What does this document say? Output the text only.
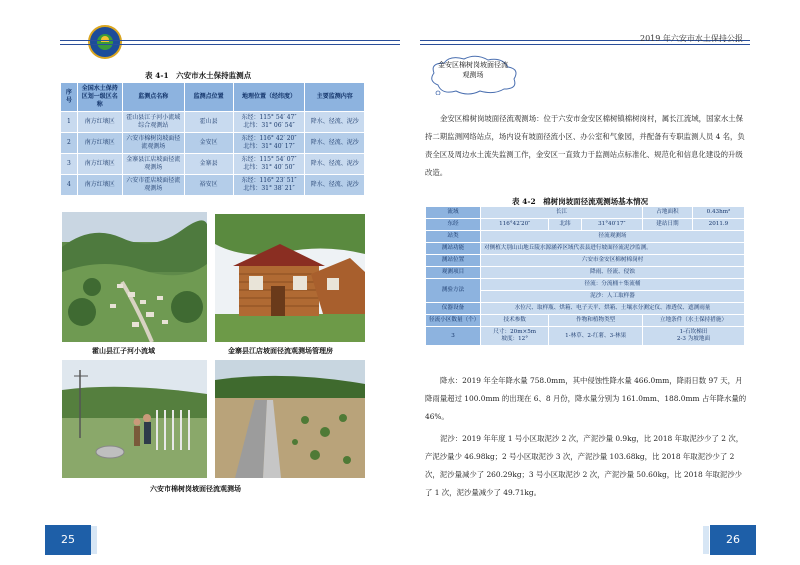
2019 年六安市水土保持公报
表 4-1　六安市水土保持监测点
序号	全国水土保持区划一级区名称	监测点名称	监测点位置	地理位置（经纬度）	主要监测内容
1	南方红壤区	霍山县江子河小流域综合观测站	霍山县	东经：115° 54′ 47″
北纬：31° 06′ 54″	降水、径流、泥沙
2	南方红壤区	六安市棉树岗坡面径流观测场	金安区	东经：116° 42′ 20″
北纬：31° 40′ 17″	降水、径流、泥沙
3	南方红壤区	金寨县江店坡面径流观测场	金寨县	东经：115° 54′ 07″
北纬：31° 40′ 50″	降水、径流、泥沙
4	南方红壤区	六安市霍店坡面径流观测场	裕安区	东经：116° 23′ 51″
北纬：31° 38′ 21″	降水、径流、泥沙
霍山县江子河小流域	金寨县江店坡面径流观测场管理房
六安市棉树岗坡面径流观测场
金安区棉树岗坡面径流观测场
金安区棉树岗坡面径流观测场：位于六安市金安区棉树镇棉树岗村，属长江流域，国家水土保持二期监测网络站点，场内设有坡面径流小区、办公室和气象园，并配备有专职监测人员 4 名，负责全区及周边水土流失监测工作，金安区一直致力于监测站点标准化、规范化和信息化建设的升级改造。
表 4-2　棉树岗坡面径流观测场基本情况
流域	长江			占地面积	0.43hm²
东经	116°42′20″	北纬	31°40′17″	建站日期	2011.9
站类	径流观测场				
测站功能	对侧植大别山山地丘陵水源涵养区域代表县进行坡面径流泥沙监测。				
测站位置	六安市金安区棉树棉岗村				
观测项目	降雨、径流、侵蚀				
测验方法	径流：分流桶＋集流桶				
	泥沙：人工取样器				
仪器设备	水位尺、取样瓶、烘箱、电子天平、烘箱、土壤水分测定仪、渗透仪、遮测雨量				
径流小区数量（个）	技术参数	作物和植物类型		立地条件（水土保持措施）	
3	尺寸：20m×5m
坡度：12°	1-林草、2-红薯、3-林果		1-石坎梯田
2-3 为坡地面	
降水：2019 年全年降水量 758.0mm，其中侵蚀性降水量 466.0mm，降雨日数 97 天，月降雨量超过 100.0mm 的出现在 6、8 月份，降水量分别为 161.0mm、188.0mm 占年降水量的 46%。
泥沙：2019 年年度 1 号小区取泥沙 2 次，产泥沙量 0.9kg，比 2018 年取泥沙少了 2 次，产泥沙量少 46.98kg；2 号小区取泥沙 3 次，产泥沙量 103.68kg，比 2018 年取泥沙少了 2 次，泥沙量减少了 260.29kg；3 号小区取泥沙 2 次，产泥沙量 50.60kg，比 2018 年取泥沙少了 1 次，泥沙量减少了 49.71kg。
25	26
